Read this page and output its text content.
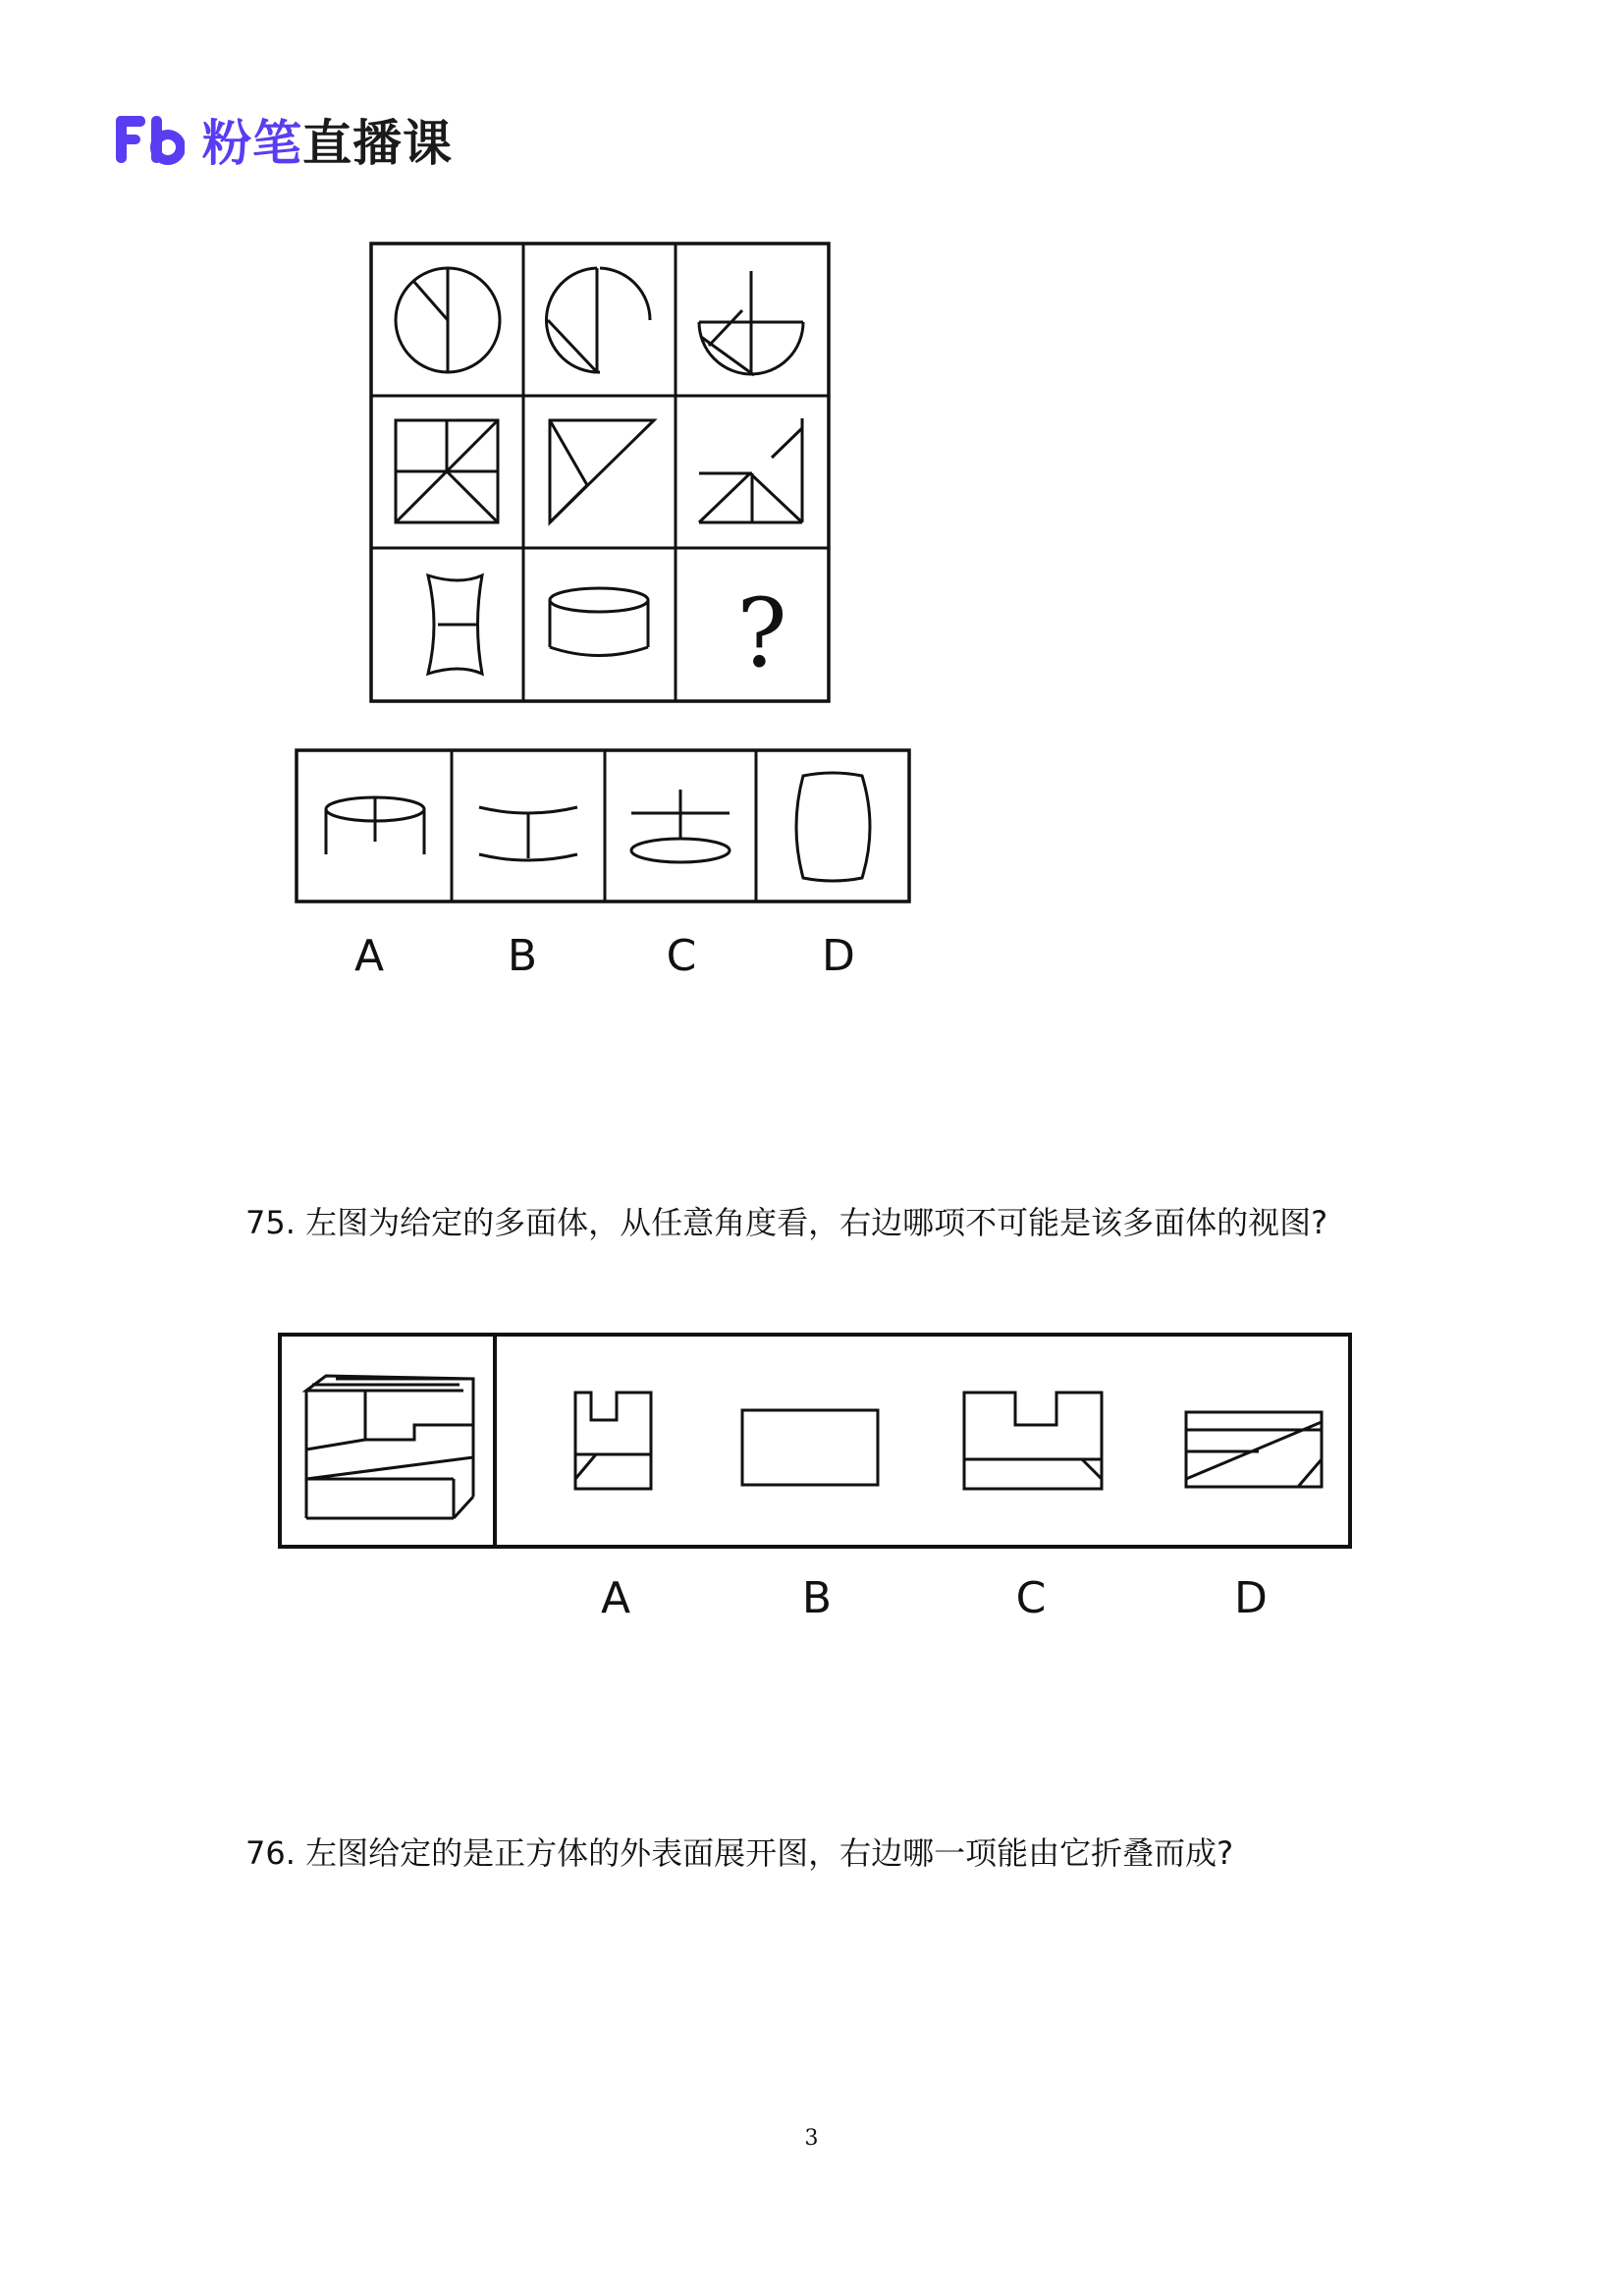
粉笔直播课
?
A	B	C	D
75. 左图为给定的多面体，从任意角度看，右边哪项不可能是该多面体的视图?
A	B	C	D
76. 左图给定的是正方体的外表面展开图，右边哪一项能由它折叠而成?
3
